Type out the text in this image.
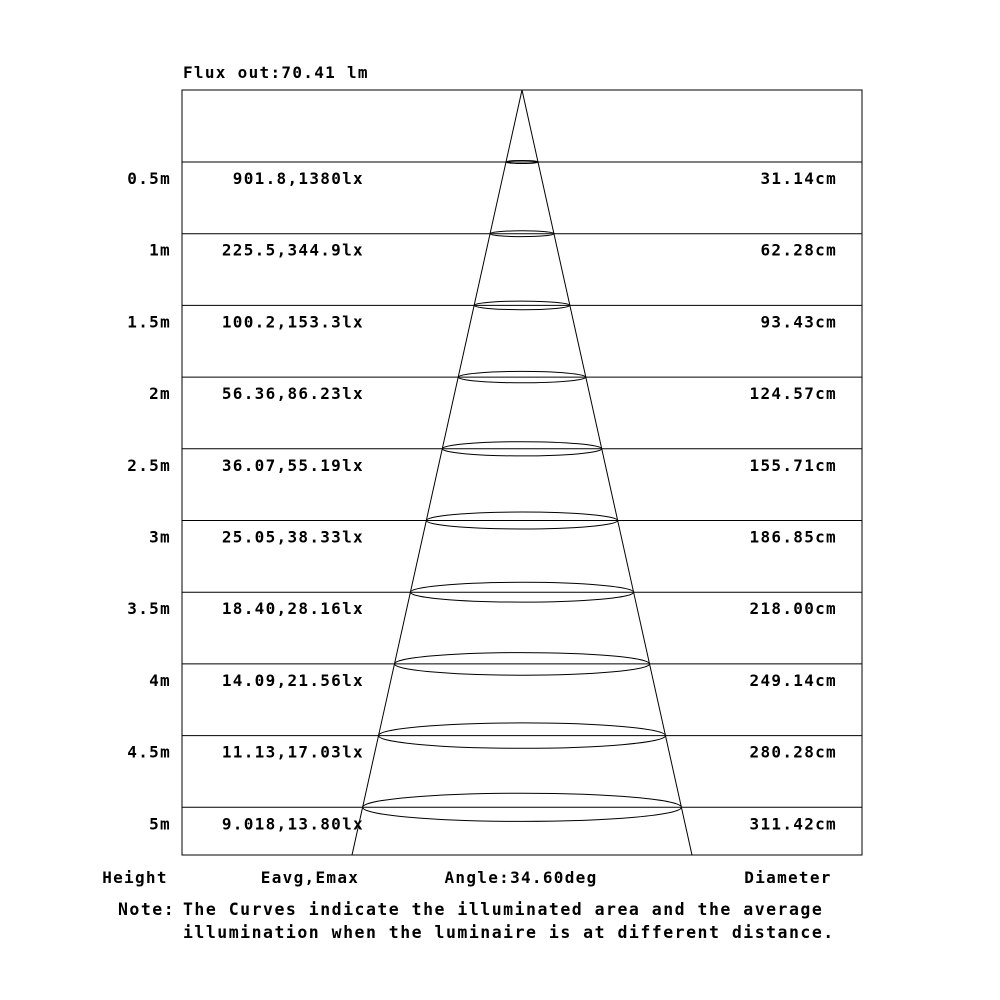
Flux out:70.41 lm
0.5m	901.8,1380lx	31.14cm
1m	225.5,344.9lx	62.28cm
1.5m	100.2,153.3lx	93.43cm
2m	56.36,86.23lx	124.57cm
2.5m	36.07,55.19lx	155.71cm
3m	25.05,38.33lx	186.85cm
3.5m	18.40,28.16lx	218.00cm
4m	14.09,21.56lx	249.14cm
4.5m	11.13,17.03lx	280.28cm
5m	9.018,13.80lx	311.42cm
Height	Eavg,Emax	Angle:34.60deg	Diameter

Note: The Curves indicate the illuminated area and the average

illumination when the luminaire is at different distance.
